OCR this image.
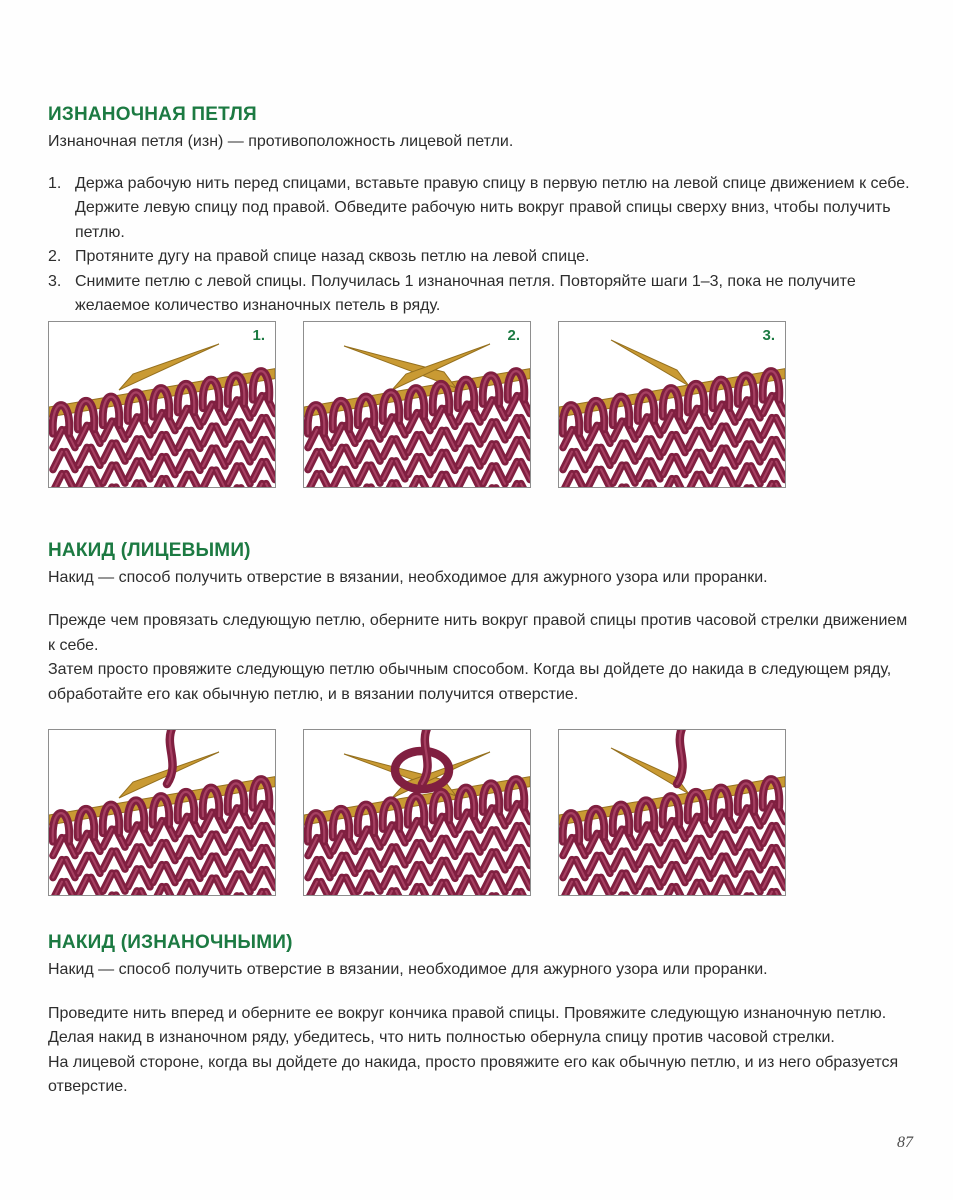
ИЗНАНОЧНАЯ ПЕТЛЯ

Изнаночная петля (изн) — противоположность лицевой петли.

1. Держа рабочую нить перед спицами, вставьте правую спицу в первую петлю на левой спице движением к себе. Держите левую спицу под правой. Обведите рабочую нить вокруг правой спицы сверху вниз, чтобы получить петлю.
2. Протяните дугу на правой спице назад сквозь петлю на левой спице.
3. Снимите петлю с левой спицы. Получилась 1 изнаночная петля. Повторяйте шаги 1–3, пока не получите желаемое количество изнаночных петель в ряду.
1.	2.	3.
НАКИД (ЛИЦЕВЫМИ)

Накид — способ получить отверстие в вязании, необходимое для ажурного узора или проранки.

Прежде чем провязать следующую петлю, оберните нить вокруг правой спицы против часовой стрелки движением к себе.

Затем просто провяжите следующую петлю обычным способом. Когда вы дойдете до накида в следующем ряду, обработайте его как обычную петлю, и в вязании получится отверстие.

НАКИД (ИЗНАНОЧНЫМИ)

Накид — способ получить отверстие в вязании, необходимое для ажурного узора или проранки.

Проведите нить вперед и оберните ее вокруг кончика правой спицы. Провяжите следующую изнаночную петлю.

Делая накид в изнаночном ряду, убедитесь, что нить полностью обернула спицу против часовой стрелки.

На лицевой стороне, когда вы дойдете до накида, просто провяжите его как обычную петлю, и из него образуется отверстие.

87
